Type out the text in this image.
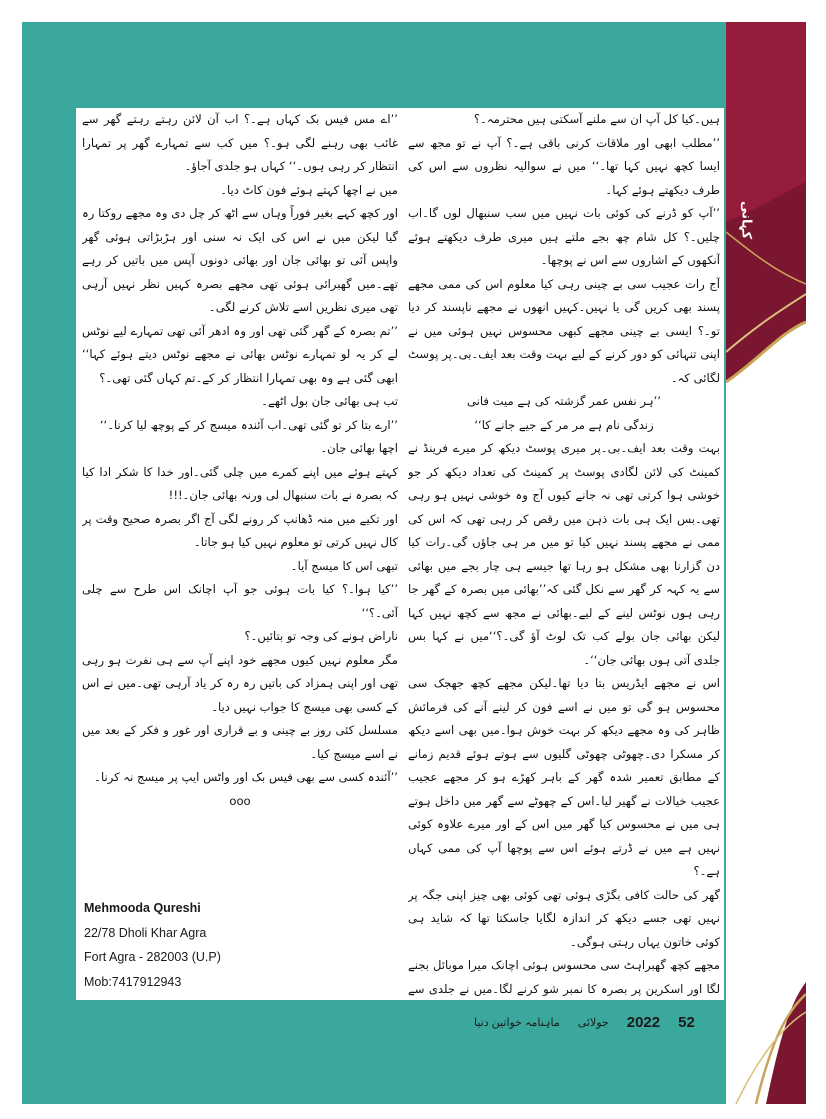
کہانی

ہیں۔کیا کل آپ ان سے ملنے آسکتی ہیں محترمہ۔؟

’’مطلب ابھی اور ملاقات کرنی باقی ہے۔؟ آپ نے تو مجھ سے ایسا کچھ نہیں کہا تھا۔‘‘ میں نے سوالیہ نظروں سے اس کی طرف دیکھتے ہوئے کہا۔

’’آپ کو ڈرنے کی کوئی بات نہیں میں سب سنبھال لوں گا۔اب چلیں۔؟ کل شام چھ بجے ملتے ہیں میری طرف دیکھتے ہوئے آنکھوں کے اشاروں سے اس نے پوچھا۔

آج رات عجیب سی بے چینی رہی کیا معلوم اس کی ممی مجھے پسند بھی کریں گی یا نہیں۔کہیں انھوں نے مجھے ناپسند کر دیا تو۔؟ ایسی بے چینی مجھے کبھی محسوس نہیں ہوئی میں نے اپنی تنہائی کو دور کرنے کے لیے بہت وقت بعد ایف۔بی۔پر پوسٹ لگائی کہ۔

’’ہر نفس عمر گزشتہ کی ہے میت فانی

زندگی نام ہے مر مر کے جیے جانے کا‘‘

بہت وقت بعد ایف۔بی۔پر میری پوسٹ دیکھ کر میرے فرینڈ نے کمینٹ کی لائن لگادی پوسٹ پر کمینٹ کی تعداد دیکھ کر جو خوشی ہوا کرتی تھی نہ جانے کیوں آج وہ خوشی نہیں ہو رہی تھی۔بس ایک ہی بات ذہن میں رقص کر رہی تھی کہ اس کی ممی نے مجھے پسند نہیں کیا تو میں مر ہی جاؤں گی۔رات کیا دن گزارنا بھی مشکل ہو رہا تھا جیسے ہی چار بجے میں بھائی سے یہ کہہ کر گھر سے نکل گئی کہ’’بھائی میں بصرہ کے گھر جا رہی ہوں نوٹس لینے کے لیے۔بھائی نے مجھ سے کچھ نہیں کہا لیکن بھائی جان بولے کب تک لوٹ آؤ گی۔؟‘‘میں نے کہا بس جلدی آتی ہوں بھائی جان‘‘۔

اس نے مجھے ایڈریس بتا دیا تھا۔لیکن مجھے کچھ جھجک سی محسوس ہو گی تو میں نے اسے فون کر لینے آنے کی فرمائش ظاہر کی وہ مجھے دیکھ کر بہت خوش ہوا۔میں بھی اسے دیکھ کر مسکرا دی۔چھوٹی چھوٹی گلیوں سے ہوتے ہوئے قدیم زمانے کے مطابق تعمیر شدہ گھر کے باہر کھڑے ہو کر مجھے عجیب عجیب خیالات نے گھیر لیا۔اس کے چھوٹے سے گھر میں داخل ہوتے ہی میں نے محسوس کیا گھر میں اس کے اور میرے علاوہ کوئی نہیں ہے میں نے ڈرتے ہوئے اس سے پوچھا آپ کی ممی کہاں ہے۔؟

گھر کی حالت کافی بگڑی ہوئی تھی کوئی بھی چیز اپنی جگہ پر نہیں تھی جسے دیکھ کر اندازہ لگایا جاسکتا تھا کہ شاید ہی کوئی خاتون یہاں رہتی ہوگی۔

مجھے کچھ گھبراہٹ سی محسوس ہوئی اچانک میرا موبائل بجنے لگا اور اسکرین پر بصرہ کا نمبر شو کرنے لگا۔میں نے جلدی سے

’’اے مس فیس بک کہاں ہے۔؟ اب آن لائن رہتے رہتے گھر سے غائب بھی رہنے لگی ہو۔؟ میں کب سے تمہارے گھر پر تمہارا انتظار کر رہی ہوں۔‘‘ کہاں ہو جلدی آجاؤ۔

میں نے اچھا کہتے ہوئے فون کاٹ دیا۔

اور کچھ کہے بغیر فوراً وہاں سے اٹھ کر چل دی وہ مجھے روکتا رہ گیا لیکن میں نے اس کی ایک نہ سنی اور ہڑبڑاتی ہوئی گھر واپس آئی تو بھائی جان اور بھائی دونوں آپس میں باتیں کر رہے تھے۔میں گھبرائی ہوئی تھی مجھے بصرہ کہیں نظر نہیں آرہی تھی میری نظریں اسے تلاش کرنے لگی۔

’’تم بصرہ کے گھر گئی تھی اور وہ ادھر آئی تھی تمہارے لیے نوٹس لے کر یہ لو تمہارے نوٹس بھائی نے مجھے نوٹس دیتے ہوئے کہا‘‘ ابھی گئی ہے وہ بھی تمہارا انتظار کر کے۔تم کہاں گئی تھی۔؟

تب ہی بھائی جان بول اٹھے۔

’’ارے بتا کر تو گئی تھی۔اب آئندہ میسج کر کے پوچھ لیا کرنا۔‘‘

اچھا بھائی جان۔

کہتے ہوئے میں اپنے کمرے میں چلی گئی۔اور خدا کا شکر ادا کیا کہ بصرہ نے بات سنبھال لی ورنہ بھائی جان۔!!!

اور تکیے میں منہ ڈھانپ کر رونے لگی آج اگر بصرہ صحیح وقت پر کال نہیں کرتی تو معلوم نہیں کیا ہو جاتا۔

تبھی اس کا میسج آیا۔

’’کیا ہوا۔؟ کیا بات ہوئی جو آپ اچانک اس طرح سے چلی آئی۔؟‘‘

ناراض ہونے کی وجہ تو بتائیں۔؟

مگر معلوم نہیں کیوں مجھے خود اپنے آپ سے ہی نفرت ہو رہی تھی اور اپنی ہمزاد کی باتیں رہ رہ کر یاد آرہی تھی۔میں نے اس کے کسی بھی میسج کا جواب نہیں دیا۔

مسلسل کئی روز بے چینی و بے قراری اور غور و فکر کے بعد میں نے اسے میسج کیا۔

’’آئندہ کسی سے بھی فیس بک اور واٹس ایپ پر میسج نہ کرنا۔

ooo

Mehmooda Qureshi
22/78 Dholi Khar Agra
Fort Agra - 282003 (U.P)
Mob:7417912943
ماہنامہ خواتین دنیا جولائی 2022 52
